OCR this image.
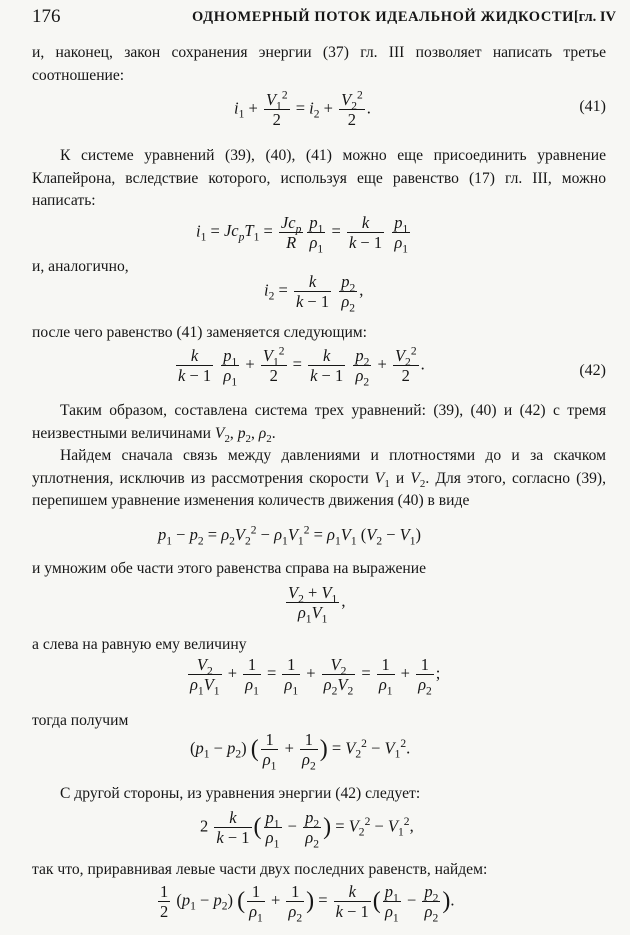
176	ОДНОМЕРНЫЙ ПОТОК ИДЕАЛЬНОЙ ЖИДКОСТИ [гл. IV
и, наконец, закон сохранения энергии (37) гл. III позволяет написать третье соотношение:
$i_1 + \frac{V_1^2}{2} = i_2 + \frac{V_2^2}{2}$ .	(41)
К системе уравнений (39), (40), (41) можно еще присоединить уравнение Клапейрона, вследствие которого, используя еще равенство (17) гл. III, можно написать:
$i_1 = Jc_pT_1 = \frac{Jc_p}{R} \frac{p_1}{\rho_1} = \frac{k}{k - 1}$
$\frac{p_1}{\rho_1}$
и, аналогично,
$i_2 = \frac{k}{k - 1}$
$\frac{p_2}{\rho_2}$ ,
после чего равенство (41) заменяется следующим:
$\frac{k}{k - 1}$
$\frac{p_1}{\rho_1} + \frac{V_1^2}{2} = \frac{k}{k - 1}$
$\frac{p_2}{\rho_2} + \frac{V_2^2}{2}$ .	(42)
Таким образом, составлена система трех уравнений: (39), (40) и (42) с тремя неизвестными величинами $V_2$, $p_2$, $\rho_2$.
Найдем сначала связь между давлениями и плотностями до и за скачком уплотнения, исключив из рассмотрения скорости $V_1$ и $V_2$. Для этого, согласно (39), перепишем уравнение изменения количеств движения (40) в виде
$p_1 - p_2 = \rho_2V_2^2 - \rho_1V_1^2 = \rho_1V_1$ $(V_2 - V_1)$
и умножим обе части этого равенства справа на выражение
$\frac{V_2 + V_1}{\rho_1V_1}$ ,
а слева на равную ему величину
$\frac{V_2}{\rho_1V_1} + \frac{1}{\rho_1} = \frac{1}{\rho_1} + \frac{V_2}{\rho_2V_2} = \frac{1}{\rho_1} + \frac{1}{\rho_2}$ ;
тогда получим
$(p_1 - p_2)$ ( $\frac{1}{\rho_1} + \frac{1}{\rho_2}$ ) = $V_2^2 - V_1^2$.
С другой стороны, из уравнения энергии (42) следует:
$2 \frac{k}{k - 1}$ ( $\frac{p_1}{\rho_1} - \frac{p_2}{\rho_2}$ ) = $V_2^2 - V_1^2$,
так что, приравнивая левые части двух последних равенств, найдем:
$\frac{1}{2} (p_1 - p_2)$ ( $\frac{1}{\rho_1} + \frac{1}{\rho_2}$ ) = $\frac{k}{k - 1}$ ( $\frac{p_1}{\rho_1} - \frac{p_2}{\rho_2}$ ).
